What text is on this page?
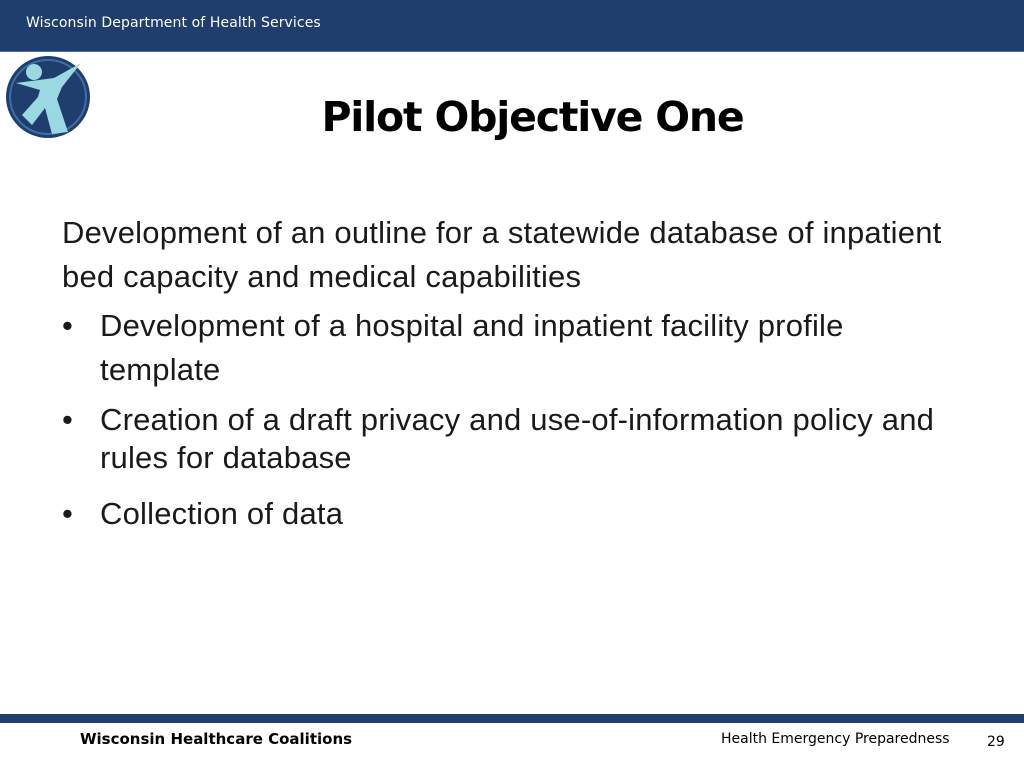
Wisconsin Department of Health Services
Pilot Objective One

Development of an outline for a statewide database of inpatient bed capacity and medical capabilities

• Development of a hospital and inpatient facility profile template
• Creation of a draft privacy and use-of-information policy and rules for database
• Collection of data
Wisconsin Healthcare Coalitions	Health Emergency Preparedness	29
